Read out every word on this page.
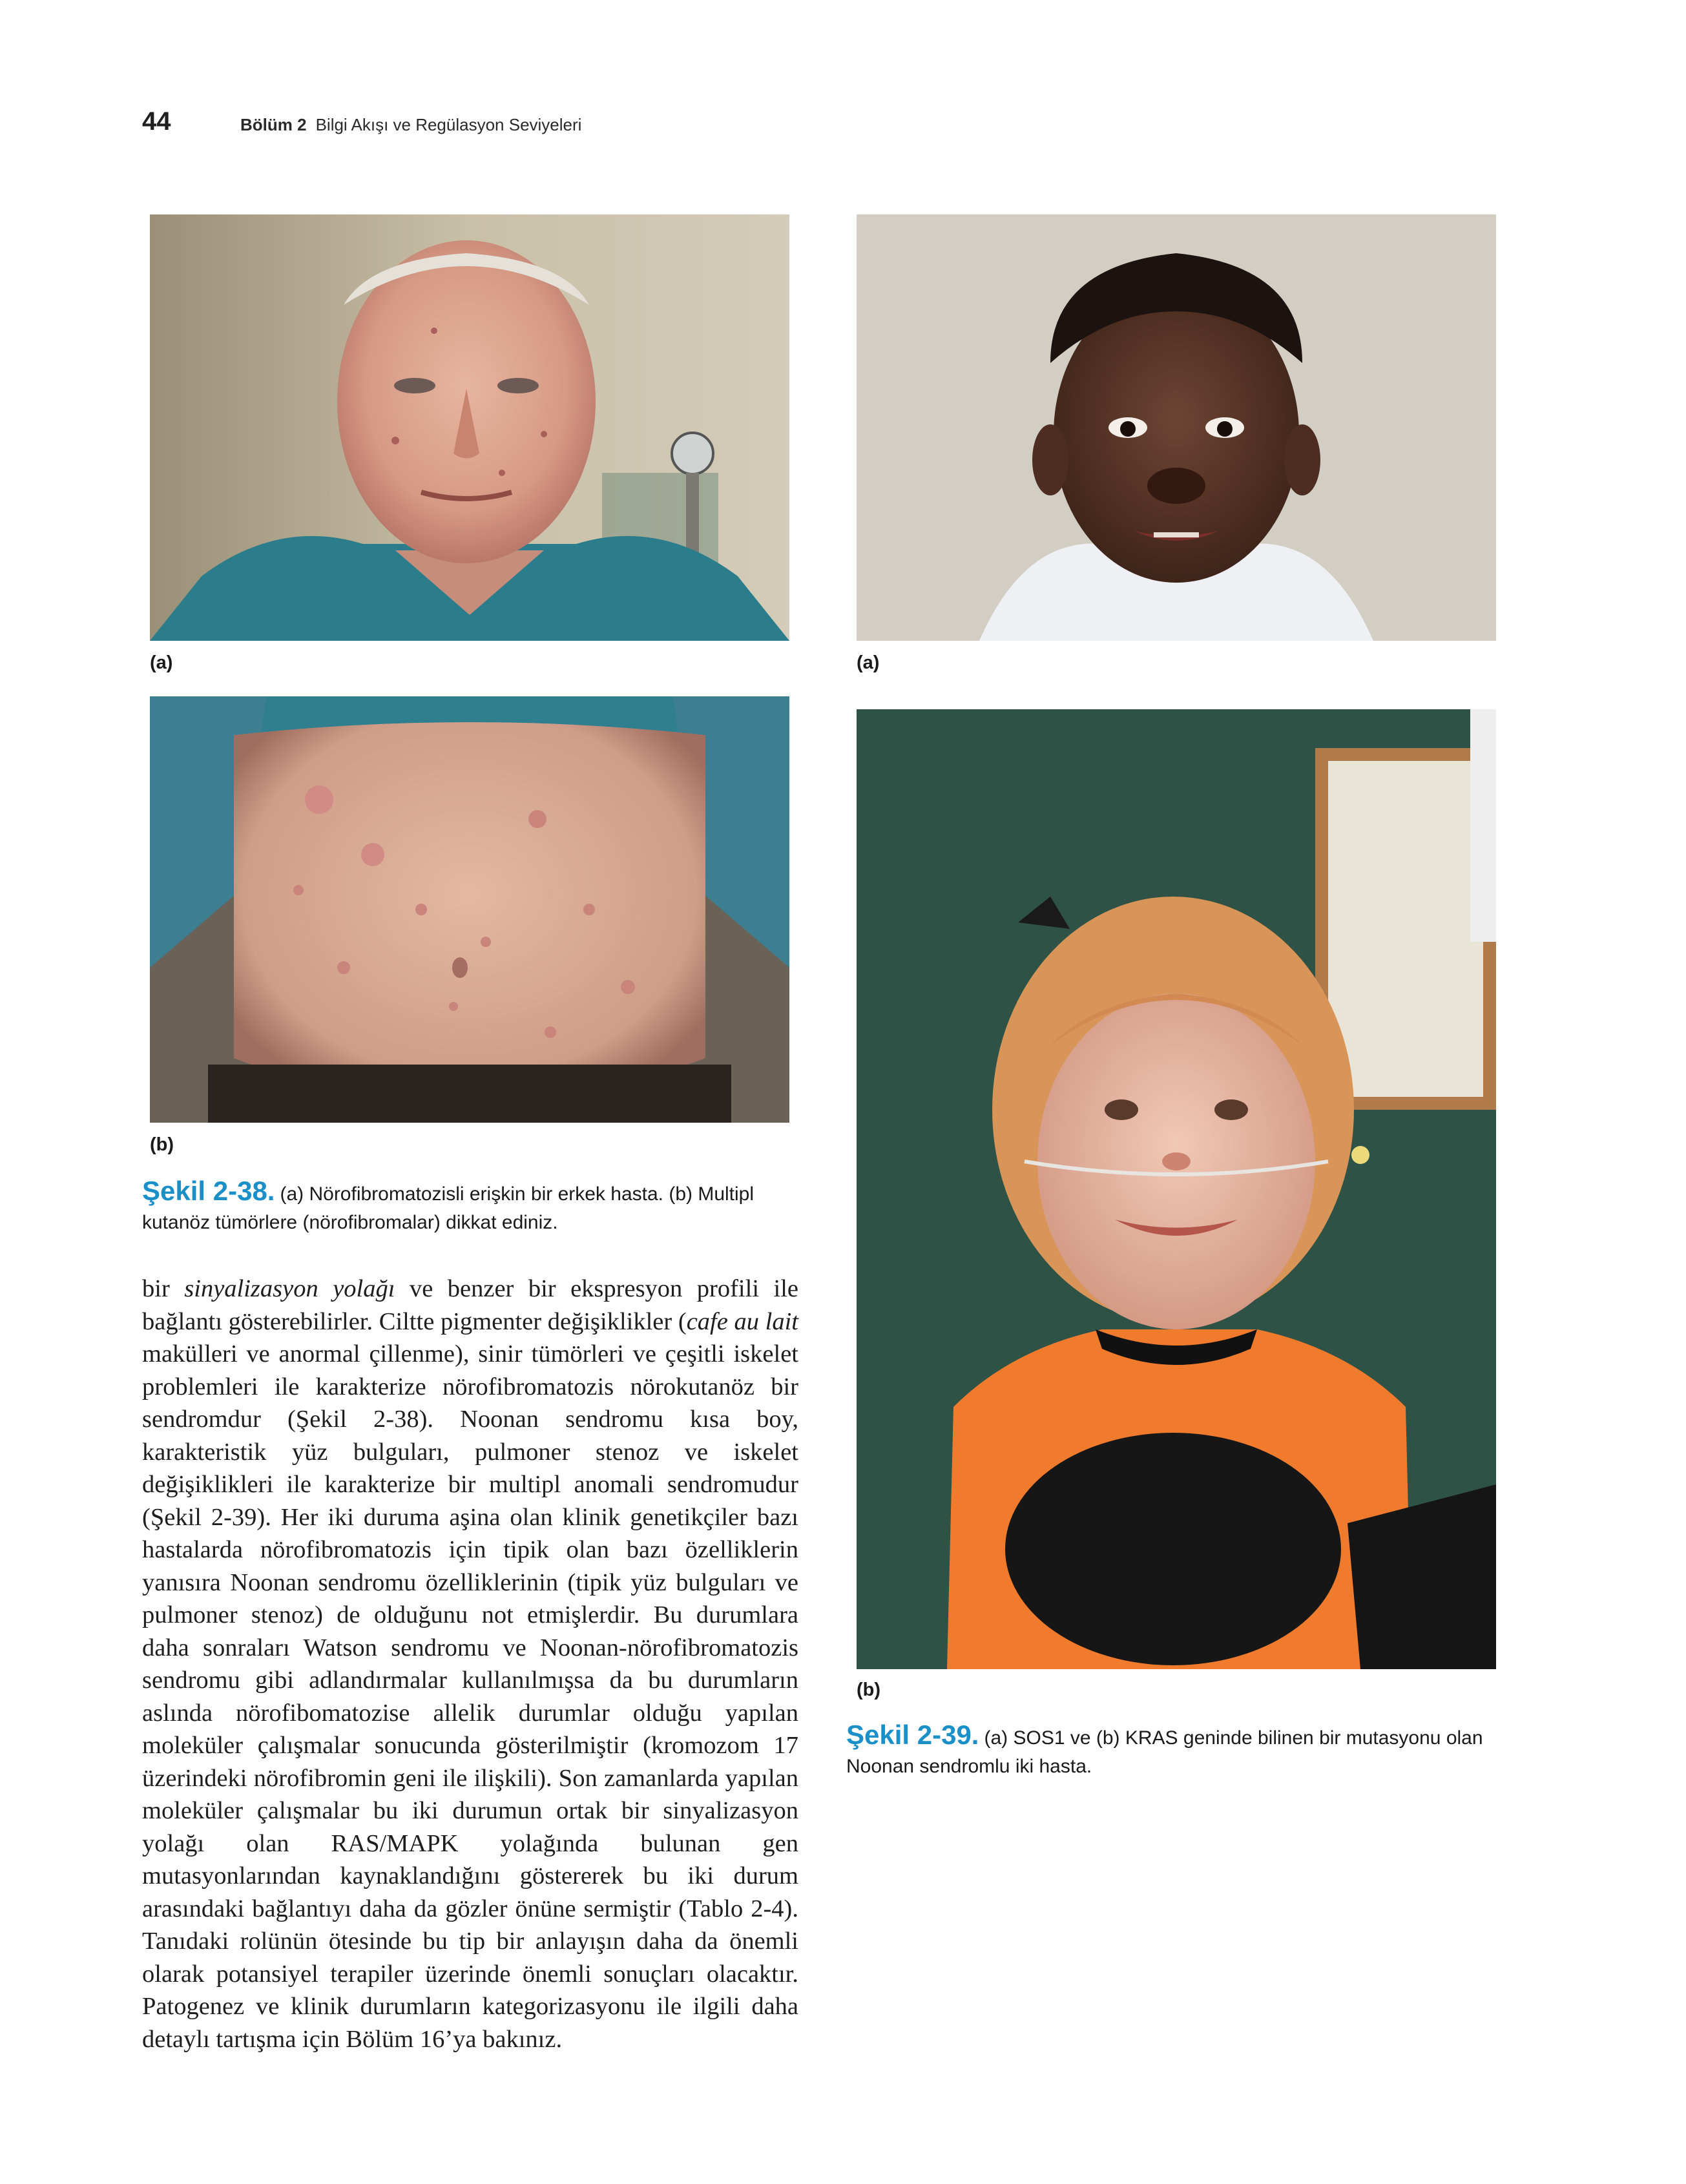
44	Bölüm 2 Bilgi Akışı ve Regülasyon Seviyeleri
(a)
(b)
Şekil 2-38. (a) Nörofibromatozisli erişkin bir erkek hasta. (b) Multipl kutanöz tümörlere (nörofibromalar) dikkat ediniz.
(a)
(b)
Şekil 2-39. (a) SOS1 ve (b) KRAS geninde bilinen bir mutasyonu olan Noonan sendromlu iki hasta.
bir sinyalizasyon yolağı ve benzer bir ekspresyon profili ile bağlantı gösterebilirler. Ciltte pigmenter değişiklikler (cafe au lait makülleri ve anormal çillenme), sinir tümörleri ve çeşitli iskelet problemleri ile karakterize nörofibromatozis nörokutanöz bir sendromdur (Şekil 2-38). Noonan sendromu kısa boy, karakteristik yüz bulguları, pulmoner stenoz ve iskelet değişiklikleri ile karakterize bir multipl anomali sendromudur (Şekil 2-39). Her iki duruma aşina olan klinik genetikçiler bazı hastalarda nörofibromatozis için tipik olan bazı özelliklerin yanısıra Noonan sendromu özelliklerinin (tipik yüz bulguları ve pulmoner stenoz) de olduğunu not etmişlerdir. Bu durumlara daha sonraları Watson sendromu ve Noonan-nörofibromatozis sendromu gibi adlandırmalar kullanılmışsa da bu durumların aslında nörofibomatozise allelik durumlar olduğu yapılan moleküler çalışmalar sonucunda gösterilmiştir (kromozom 17 üzerindeki nörofibromin geni ile ilişkili). Son zamanlarda yapılan moleküler çalışmalar bu iki durumun ortak bir sinyalizasyon yolağı olan RAS/MAPK yolağında bulunan gen mutasyonlarından kaynaklandığını göstererek bu iki durum arasındaki bağlantıyı daha da gözler önüne sermiştir (Tablo 2-4). Tanıdaki rolünün ötesinde bu tip bir anlayışın daha da önemli olarak potansiyel terapiler üzerinde önemli sonuçları olacaktır. Patogenez ve klinik durumların kategorizasyonu ile ilgili daha detaylı tartışma için Bölüm 16’ya bakınız.
